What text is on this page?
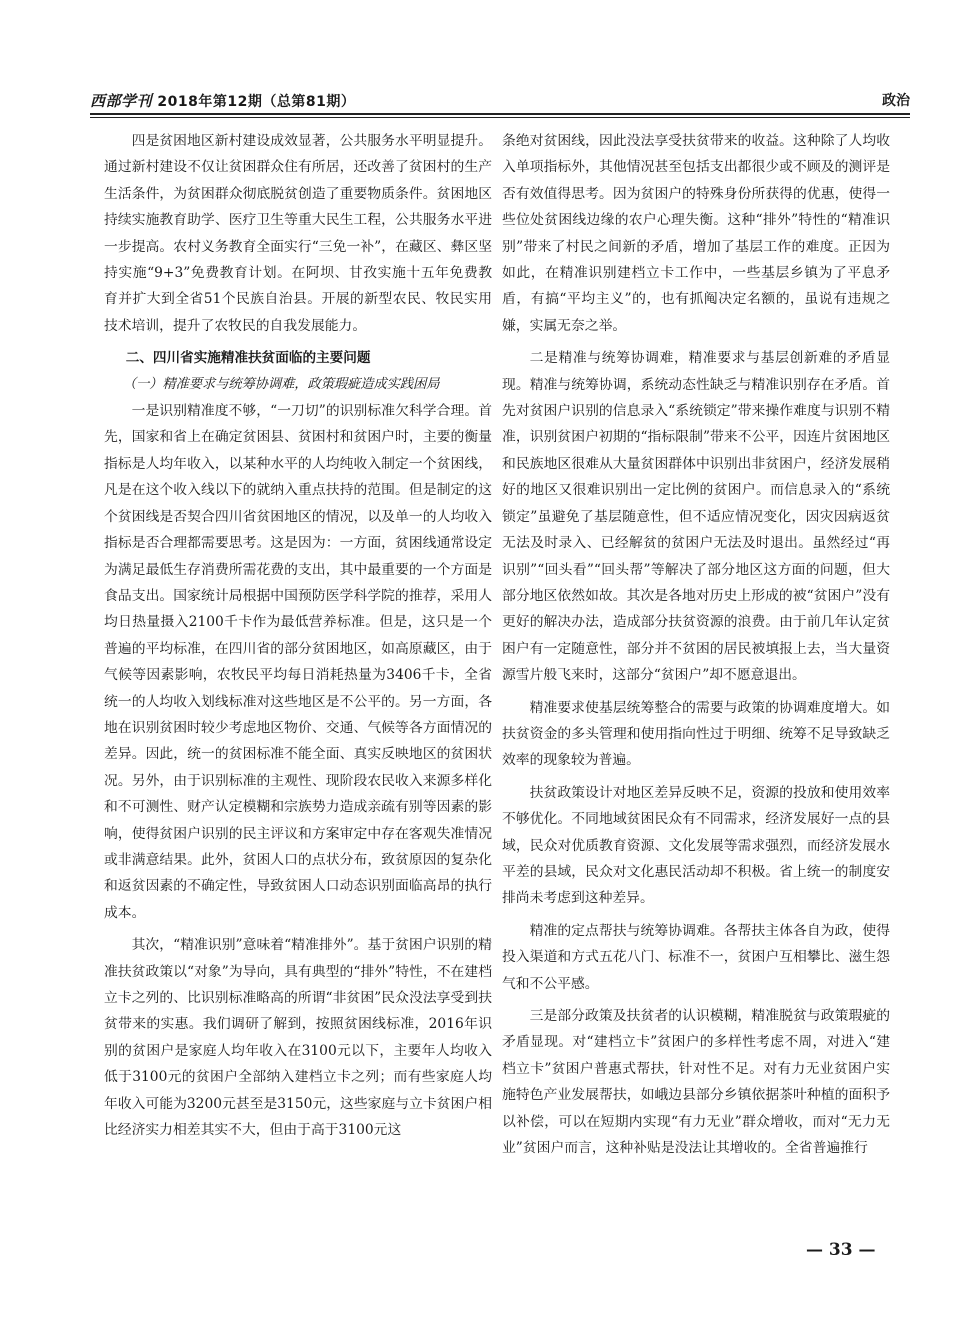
西部学刊 2018年第12期（总第81期）	政治

四是贫困地区新村建设成效显著，公共服务水平明显提升。通过新村建设不仅让贫困群众住有所居，还改善了贫困村的生产生活条件，为贫困群众彻底脱贫创造了重要物质条件。贫困地区持续实施教育助学、医疗卫生等重大民生工程，公共服务水平进一步提高。农村义务教育全面实行“三免一补”，在藏区、彝区坚持实施“9+3”免费教育计划。在阿坝、甘孜实施十五年免费教育并扩大到全省51个民族自治县。开展的新型农民、牧民实用技术培训，提升了农牧民的自我发展能力。

二、四川省实施精准扶贫面临的主要问题

（一）精准要求与统筹协调难，政策瑕疵造成实践困局

一是识别精准度不够，“一刀切”的识别标准欠科学合理。首先，国家和省上在确定贫困县、贫困村和贫困户时，主要的衡量指标是人均年收入，以某种水平的人均纯收入制定一个贫困线，凡是在这个收入线以下的就纳入重点扶持的范围。但是制定的这个贫困线是否契合四川省贫困地区的情况，以及单一的人均收入指标是否合理都需要思考。这是因为：一方面，贫困线通常设定为满足最低生存消费所需花费的支出，其中最重要的一个方面是食品支出。国家统计局根据中国预防医学科学院的推荐，采用人均日热量摄入2100千卡作为最低营养标准。但是，这只是一个普遍的平均标准，在四川省的部分贫困地区，如高原藏区，由于气候等因素影响，农牧民平均每日消耗热量为3406千卡，全省统一的人均收入划线标准对这些地区是不公平的。另一方面，各地在识别贫困时较少考虑地区物价、交通、气候等各方面情况的差异。因此，统一的贫困标准不能全面、真实反映地区的贫困状况。另外，由于识别标准的主观性、现阶段农民收入来源多样化和不可测性、财产认定模糊和宗族势力造成亲疏有别等因素的影响，使得贫困户识别的民主评议和方案审定中存在客观失准情况或非满意结果。此外，贫困人口的点状分布，致贫原因的复杂化和返贫因素的不确定性，导致贫困人口动态识别面临高昂的执行成本。

其次，“精准识别”意味着“精准排外”。基于贫困户识别的精准扶贫政策以“对象”为导向，具有典型的“排外”特性，不在建档立卡之列的、比识别标准略高的所谓“非贫困”民众没法享受到扶贫带来的实惠。我们调研了解到，按照贫困线标准，2016年识别的贫困户是家庭人均年收入在3100元以下，主要年人均收入低于3100元的贫困户全部纳入建档立卡之列；而有些家庭人均年收入可能为3200元甚至是3150元，这些家庭与立卡贫困户相比经济实力相差其实不大，但由于高于3100元这

条绝对贫困线，因此没法享受扶贫带来的收益。这种除了人均收入单项指标外，其他情况甚至包括支出都很少或不顾及的测评是否有效值得思考。因为贫困户的特殊身份所获得的优惠，使得一些位处贫困线边缘的农户心理失衡。这种“排外”特性的“精准识别”带来了村民之间新的矛盾，增加了基层工作的难度。正因为如此，在精准识别建档立卡工作中，一些基层乡镇为了平息矛盾，有搞“平均主义”的，也有抓阄决定名额的，虽说有违规之嫌，实属无奈之举。

二是精准与统筹协调难，精准要求与基层创新难的矛盾显现。精准与统筹协调，系统动态性缺乏与精准识别存在矛盾。首先对贫困户识别的信息录入“系统锁定”带来操作难度与识别不精准，识别贫困户初期的“指标限制”带来不公平，因连片贫困地区和民族地区很难从大量贫困群体中识别出非贫困户，经济发展稍好的地区又很难识别出一定比例的贫困户。而信息录入的“系统锁定”虽避免了基层随意性，但不适应情况变化，因灾因病返贫无法及时录入、已经解贫的贫困户无法及时退出。虽然经过“再识别”“回头看”“回头帮”等解决了部分地区这方面的问题，但大部分地区依然如故。其次是各地对历史上形成的被“贫困户”没有更好的解决办法，造成部分扶贫资源的浪费。由于前几年认定贫困户有一定随意性，部分并不贫困的居民被填报上去，当大量资源雪片般飞来时，这部分“贫困户”却不愿意退出。

精准要求使基层统筹整合的需要与政策的协调难度增大。如扶贫资金的多头管理和使用指向性过于明细、统筹不足导致缺乏效率的现象较为普遍。

扶贫政策设计对地区差异反映不足，资源的投放和使用效率不够优化。不同地域贫困民众有不同需求，经济发展好一点的县域，民众对优质教育资源、文化发展等需求强烈，而经济发展水平差的县域，民众对文化惠民活动却不积极。省上统一的制度安排尚未考虑到这种差异。

精准的定点帮扶与统筹协调难。各帮扶主体各自为政，使得投入渠道和方式五花八门、标准不一，贫困户互相攀比、滋生怨气和不公平感。

三是部分政策及扶贫者的认识模糊，精准脱贫与政策瑕疵的矛盾显现。对“建档立卡”贫困户的多样性考虑不周，对进入“建档立卡”贫困户普惠式帮扶，针对性不足。对有力无业贫困户实施特色产业发展帮扶，如峨边县部分乡镇依据茶叶种植的面积予以补偿，可以在短期内实现“有力无业”群众增收，而对“无力无业”贫困户而言，这种补贴是没法让其增收的。全省普遍推行

— 33 —
